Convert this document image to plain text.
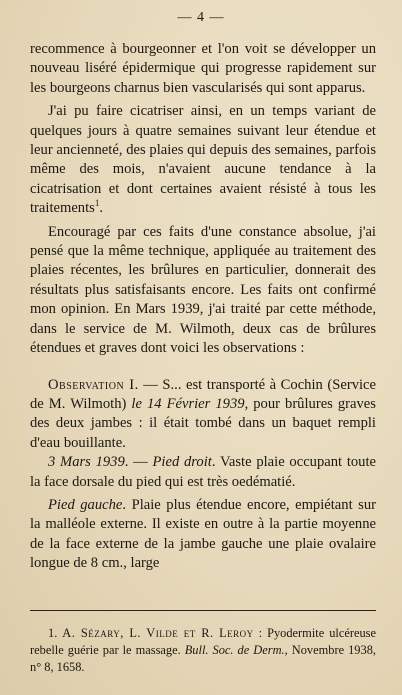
— 4 —

recommence à bourgeonner et l'on voit se développer un nouveau liséré épidermique qui progresse rapidement sur les bourgeons charnus bien vascularisés qui sont apparus.

J'ai pu faire cicatriser ainsi, en un temps variant de quelques jours à quatre semaines suivant leur étendue et leur ancienneté, des plaies qui depuis des semaines, parfois même des mois, n'avaient aucune tendance à la cicatrisation et dont certaines avaient résisté à tous les traitements$^1$.

Encouragé par ces faits d'une constance absolue, j'ai pensé que la même technique, appliquée au traitement des plaies récentes, les brûlures en particulier, donnerait des résultats plus satisfaisants encore. Les faits ont confirmé mon opinion. En Mars 1939, j'ai traité par cette méthode, dans le service de M. Wilmoth, deux cas de brûlures étendues et graves dont voici les observations :

Observation I. — S... est transporté à Cochin (Service de M. Wilmoth) le 14 Février 1939, pour brûlures graves des deux jambes : il était tombé dans un baquet rempli d'eau bouillante.

3 Mars 1939. — Pied droit. Vaste plaie occupant toute la face dorsale du pied qui est très oedématié.

Pied gauche. Plaie plus étendue encore, empiétant sur la malléole externe. Il existe en outre à la partie moyenne de la face externe de la jambe gauche une plaie ovalaire longue de 8 cm., large

1. A. Sézary, L. Vilde et R. Leroy : Pyodermite ulcéreuse rebelle guérie par le massage. Bull. Soc. de Derm., Novembre 1938, n° 8, 1658.
